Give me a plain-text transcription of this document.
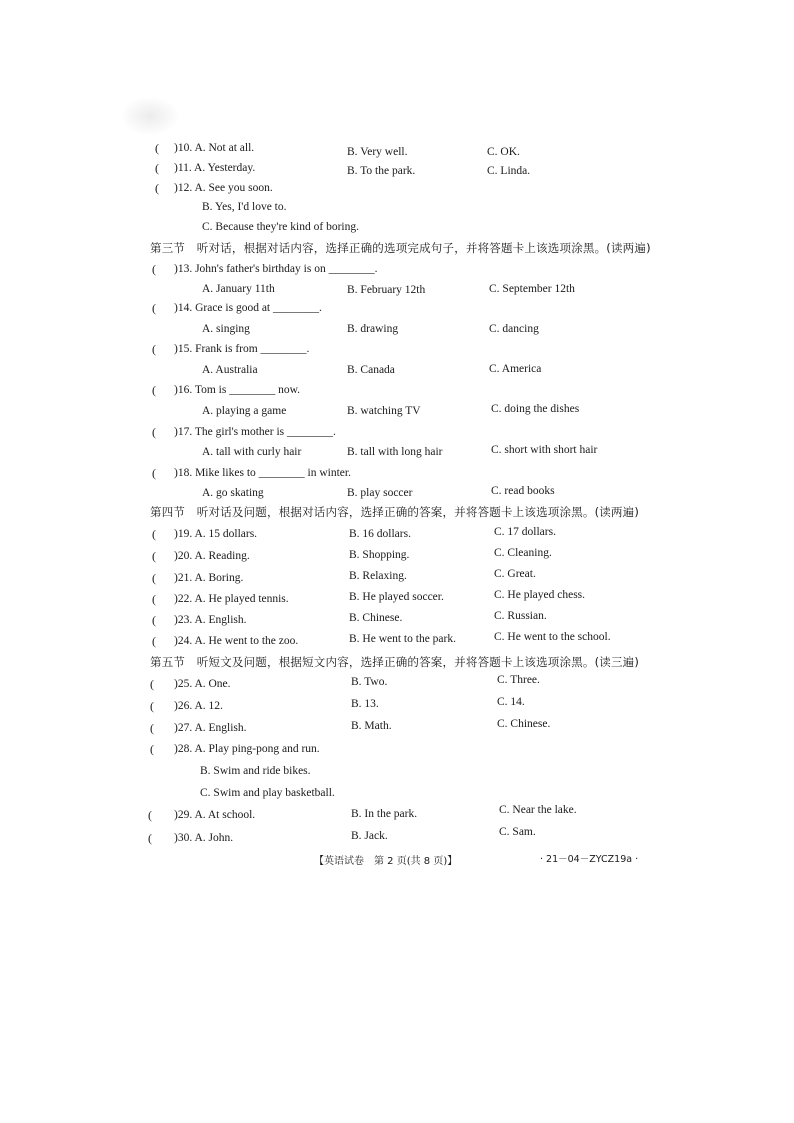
( )10. A. Not at all.	B. Very well.	C. OK.
( )11. A. Yesterday.	B. To the park.	C. Linda.
( )12. A. See you soon.
B. Yes, I'd love to.
C. Because they're kind of boring.
第三节　听对话，根据对话内容，选择正确的选项完成句子，并将答题卡上该选项涂黑。(读两遍)
( )13. John's father's birthday is on ________.
A. January 11th	B. February 12th	C. September 12th
( )14. Grace is good at ________.
A. singing	B. drawing	C. dancing
( )15. Frank is from ________.
A. Australia	B. Canada	C. America
( )16. Tom is ________ now.
A. playing a game	B. watching TV	C. doing the dishes
( )17. The girl's mother is ________.
A. tall with curly hair	B. tall with long hair	C. short with short hair
( )18. Mike likes to ________ in winter.
A. go skating	B. play soccer	C. read books
第四节　听对话及问题，根据对话内容，选择正确的答案，并将答题卡上该选项涂黑。(读两遍)
( )19. A. 15 dollars.	B. 16 dollars.	C. 17 dollars.
( )20. A. Reading.	B. Shopping.	C. Cleaning.
( )21. A. Boring.	B. Relaxing.	C. Great.
( )22. A. He played tennis.	B. He played soccer.	C. He played chess.
( )23. A. English.	B. Chinese.	C. Russian.
( )24. A. He went to the zoo.	B. He went to the park.	C. He went to the school.
第五节　听短文及问题，根据短文内容，选择正确的答案，并将答题卡上该选项涂黑。(读三遍)
( )25. A. One.	B. Two.	C. Three.
( )26. A. 12.	B. 13.	C. 14.
( )27. A. English.	B. Math.	C. Chinese.
( )28. A. Play ping-pong and run.
B. Swim and ride bikes.
C. Swim and play basketball.
( )29. A. At school.	B. In the park.	C. Near the lake.
( )30. A. John.	B. Jack.	C. Sam.
【英语试卷　第 2 页(共 8 页)】	· 21－04－ZYCZ19a ·
